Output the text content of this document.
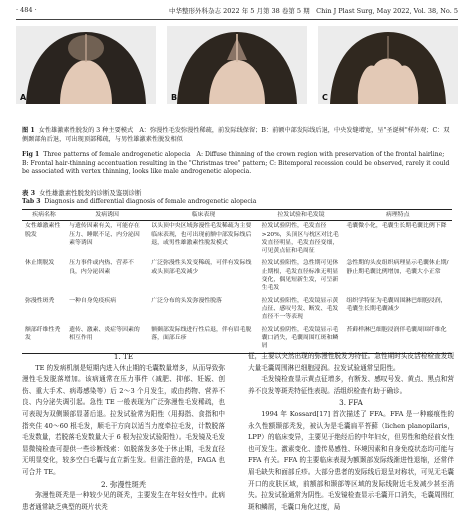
· 484 ·	中华整形外科杂志 2022 年 5 月第 38 卷第 5 期　Chin J Plast Surg, May 2022, Vol. 38, No. 5
A	B	C
图 1 女性雄激素性脱发的 3 种主要模式　A：弥漫性毛发弥漫性稀疏，前发际线保留；B：前额中部发际线后退，中央发缝增宽，呈"圣诞树"样外观；C：双侧颞部角后退，可出现顶部稀疏，与男性雄激素性脱发相似
Fig 1 Three patterns of female androgenetic alopecia　A: Diffuse thinning of the crown region with preservation of the frontal hairline; B: Frontal hair-thinning accentuation resulting in the "Christmas tree" pattern; C: Bitemporal recession could be observed, rarely it could be associated with vertex thinning, looks like male androgenetic alopecia.
表 3 女性雄激素性脱发的诊断及鉴别诊断
Tab 3 Diagnosis and differential diagnosis of female androgenetic alopecia
疾病名称	发病诱因	临床表现	拉发试验和毛发镜	病理特点
女性雄激素性脱发	与遗传因素有关，可能存在压力、睡眠不足、内分泌因素等诱因	以头顶中央区域弥漫性毛发稀疏为主要临床表现，也可出现前额中部发际线后退，或男性雄激素性脱发模式	拉发试验阴性，毛发直径>20%，头顶区与枕区对比毛发直径明显，毛发直径变细，可见黄点征和毛周征	毛囊微小化，毛囊生长期毛囊比例下降
休止期脱发	压力事件或内热、营养不良，内分泌因素	广泛弥漫性头发变稀疏，可伴有发际线或头顶部毛发减少	拉发试验阳性，急性期可见休止期根，毛发直径标准无明显变化，偶见短新生发，可呈新生毛发	急性期的头皮组织病理显示毛囊休止期/静止期毛囊比例增加，毛囊大小正常
弥漫性斑秃	一种自身免疫疾病	广泛分布的头发弥漫性脱落	拉发试验阳性，毛发镜显示黄点征、感叹号发、断发、毛发直径不一等表现	组织学特征为毛囊周围淋巴细胞浸润，毛囊生长期毛囊减少
额部纤维性秃发	遗传、激素、炎症等因素的相互作用	额颞部发际线进行性后退，伴有眉毛脱落，面部丘疹	拉发试验阴性，毛发镜显示毛囊口消失，毛囊周围红斑和鳞屑	苔藓样淋巴细胞浸润伴毛囊周围纤维化
1. TE

TE 的发病机制是短期内进入休止期的毛囊数量增多，从而导致弥漫性毛发脱落增加。该病通常在压力事件（减肥、抑郁、妊娠、创伤、重大手术、病毒感染等）后 2～3 个月发生，或由药物、营养不良、内分泌失调引起。急性 TE 一般表现为广泛弥漫性毛发稀疏，也可表现为双侧颞部显著后退。拉发试验常为阳性（用拇指、食指和中指夹住 40～60 根毛发，顺毛干方向以适当力度牵拉毛发，计数脱落毛发数量，若脱落毛发数量大于 6 根为拉发试验阳性）。毛发镜及毛发显微镜检查可提供一些诊断线索：如脱落发多处于休止期，毛发直径无明显变化，较多空白毛囊与直立新生发。但需注意的是，FAGA 也可合并 TE。

2. 弥漫性斑秃

弥漫性斑秃是一种较少见的斑秃，主要发生在年轻女性中。此病患者通常缺乏典型的斑片状秃

征，主要以突然出现的弥漫性脱发为特征。急性期时头皮活检检查发现大量毛囊周围淋巴细胞浸润。拉发试验通常呈阳性。

毛发镜检查显示黄点征增多，有断发、感叹号发、黄点、黑点和营养不良发等斑秃特征性表现。活组织检查有助于确诊。

3. FFA

1994 年 Kossard[17] 首次描述了 FFA。FFA 是一种瘢痕性的永久性额颞部秃发，被认为是毛囊扁平苔藓（lichen planopilaris，LPP）的临床变异，主要见于绝经后的中年妇女，但男性和绝经前女性也可发生。激素变化、遗传易感性、环境因素和自身免疫状态均可能与 FFA 有关。FFA 的主要临床表现为额颞部发际线渐进性退缩，还常伴眉毛缺失和面部丘疹。大部分患者的发际线后退呈对称状，可见无毛囊开口的皮肤区域，前额部和颞部等区域的发际线附近毛发减少甚至消失。拉发试验通常为阴性。毛发镜检查显示毛囊开口消失，毛囊周围红斑和鳞屑，毛囊口角化过度，局
